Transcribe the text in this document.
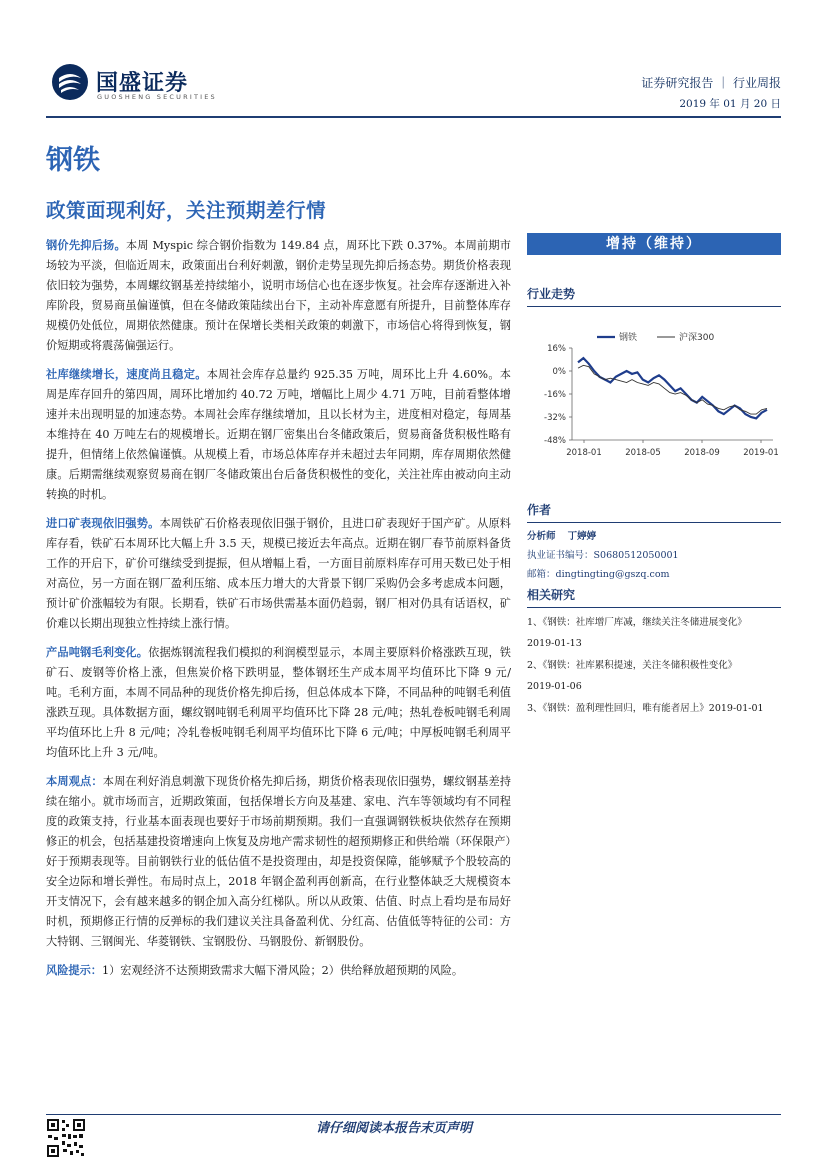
国盛证券
GUOSHENG SECURITIES
证券研究报告 ｜ 行业周报
2019 年 01 月 20 日
钢铁
政策面现利好，关注预期差行情

钢价先抑后扬。本周 Myspic 综合钢价指数为 149.84 点，周环比下跌 0.37%。本周前期市场较为平淡，但临近周末，政策面出台利好刺激，钢价走势呈现先抑后扬态势。期货价格表现依旧较为强势，本周螺纹钢基差持续缩小，说明市场信心也在逐步恢复。社会库存逐渐进入补库阶段，贸易商虽偏谨慎，但在冬储政策陆续出台下，主动补库意愿有所提升，目前整体库存规模仍处低位，周期依然健康。预计在保增长类相关政策的刺激下，市场信心将得到恢复，钢价短期或将震荡偏强运行。

社库继续增长，速度尚且稳定。本周社会库存总量约 925.35 万吨，周环比上升 4.60%。本周是库存回升的第四周，周环比增加约 40.72 万吨，增幅比上周少 4.71 万吨，目前看整体增速并未出现明显的加速态势。本周社会库存继续增加，且以长材为主，进度相对稳定，每周基本维持在 40 万吨左右的规模增长。近期在钢厂密集出台冬储政策后，贸易商备货积极性略有提升，但情绪上依然偏谨慎。从规模上看，市场总体库存并未超过去年同期，库存周期依然健康。后期需继续观察贸易商在钢厂冬储政策出台后备货积极性的变化，关注社库由被动向主动转换的时机。

进口矿表现依旧强势。本周铁矿石价格表现依旧强于钢价，且进口矿表现好于国产矿。从原料库存看，铁矿石本周环比大幅上升 3.5 天，规模已接近去年高点。近期在钢厂春节前原料备货工作的开启下，矿价可继续受到提振，但从增幅上看，一方面目前原料库存可用天数已处于相对高位，另一方面在钢厂盈利压缩、成本压力增大的大背景下钢厂采购仍会多考虑成本问题，预计矿价涨幅较为有限。长期看，铁矿石市场供需基本面仍趋弱，钢厂相对仍具有话语权，矿价难以长期出现独立性持续上涨行情。

产品吨钢毛利变化。依据炼钢流程我们模拟的利润模型显示，本周主要原料价格涨跌互现，铁矿石、废钢等价格上涨，但焦炭价格下跌明显，整体钢坯生产成本周平均值环比下降 9 元/吨。毛利方面，本周不同品种的现货价格先抑后扬，但总体成本下降，不同品种的吨钢毛利值涨跌互现。具体数据方面，螺纹钢吨钢毛利周平均值环比下降 28 元/吨；热轧卷板吨钢毛利周平均值环比上升 8 元/吨；冷轧卷板吨钢毛利周平均值环比下降 6 元/吨；中厚板吨钢毛利周平均值环比上升 3 元/吨。

本周观点：本周在利好消息刺激下现货价格先抑后扬，期货价格表现依旧强势，螺纹钢基差持续在缩小。就市场而言，近期政策面，包括保增长方向及基建、家电、汽车等领域均有不同程度的政策支持，行业基本面表现也要好于市场前期预期。我们一直强调钢铁板块依然存在预期修正的机会，包括基建投资增速向上恢复及房地产需求韧性的超预期修正和供给端（环保限产）好于预期表现等。目前钢铁行业的低估值不是投资理由，却是投资保障，能够赋予个股较高的安全边际和增长弹性。布局时点上，2018 年钢企盈利再创新高，在行业整体缺乏大规模资本开支情况下，会有越来越多的钢企加入高分红梯队。所以从政策、估值、时点上看均是布局好时机，预期修正行情的反弹标的我们建议关注具备盈利优、分红高、估值低等特征的公司：方大特钢、三钢闽光、华菱钢铁、宝钢股份、马钢股份、新钢股份。

风险提示：1）宏观经济不达预期致需求大幅下滑风险；2）供给释放超预期的风险。

增持（维持）
行业走势
16%
0%
-16%
-32%
-48%
2018-01	2018-05	2018-09	2019-01
钢铁	沪深300
作者
分析师 丁婷婷
执业证书编号：S0680512050001
邮箱：dingtingting@gszq.com
相关研究
1、《钢铁：社库增厂库减，继续关注冬储进展变化》
2019-01-13
2、《钢铁：社库累积提速，关注冬储积极性变化》
2019-01-06
3、《钢铁：盈利理性回归，唯有能者居上》2019-01-01
请仔细阅读本报告末页声明
